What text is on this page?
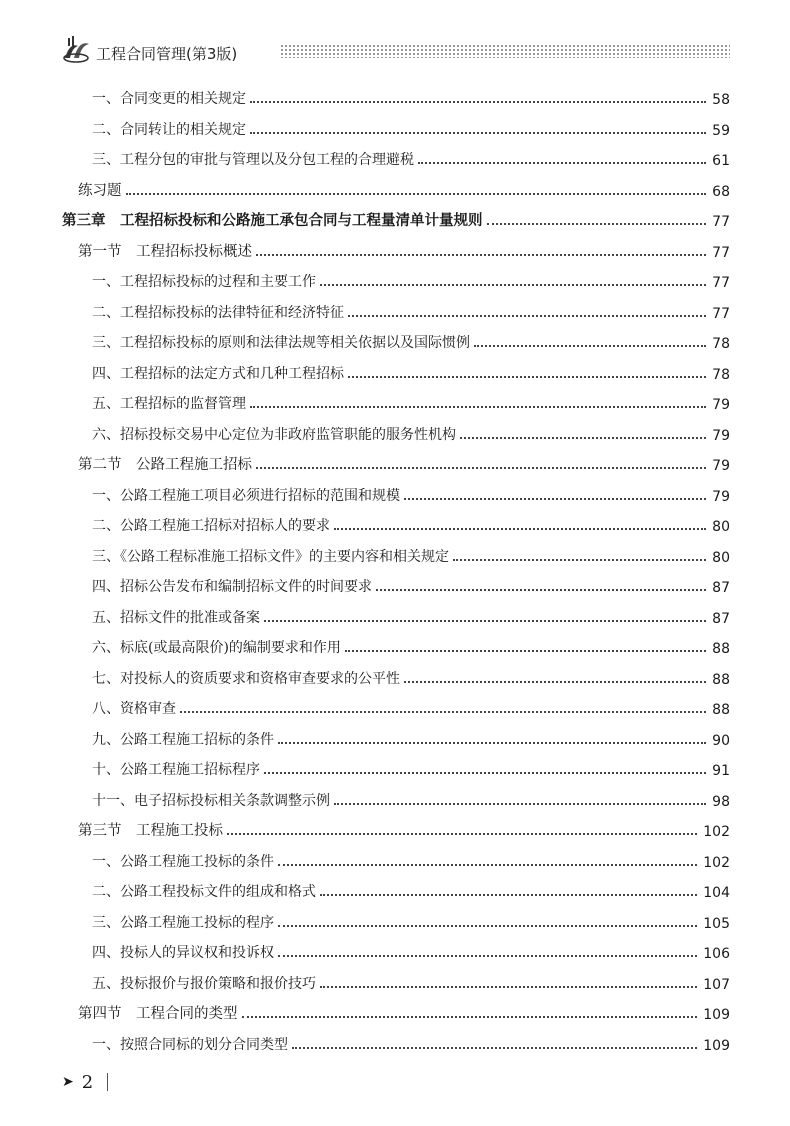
工程合同管理(第3版)
一、合同变更的相关规定	58
二、合同转让的相关规定	59
三、工程分包的审批与管理以及分包工程的合理避税	61
练习题	68
第三章　工程招标投标和公路施工承包合同与工程量清单计量规则	77
第一节　工程招标投标概述	77
一、工程招标投标的过程和主要工作	77
二、工程招标投标的法律特征和经济特征	77
三、工程招标投标的原则和法律法规等相关依据以及国际惯例	78
四、工程招标的法定方式和几种工程招标	78
五、工程招标的监督管理	79
六、招标投标交易中心定位为非政府监管职能的服务性机构	79
第二节　公路工程施工招标	79
一、公路工程施工项目必须进行招标的范围和规模	79
二、公路工程施工招标对招标人的要求	80
三、《公路工程标准施工招标文件》的主要内容和相关规定	80
四、招标公告发布和编制招标文件的时间要求	87
五、招标文件的批准或备案	87
六、标底(或最高限价)的编制要求和作用	88
七、对投标人的资质要求和资格审查要求的公平性	88
八、资格审查	88
九、公路工程施工招标的条件	90
十、公路工程施工招标程序	91
十一、电子招标投标相关条款调整示例	98
第三节　工程施工投标	102
一、公路工程施工投标的条件	102
二、公路工程投标文件的组成和格式	104
三、公路工程施工投标的程序	105
四、投标人的异议权和投诉权	106
五、投标报价与报价策略和报价技巧	107
第四节　工程合同的类型	109
一、按照合同标的划分合同类型	109
➤ 2
